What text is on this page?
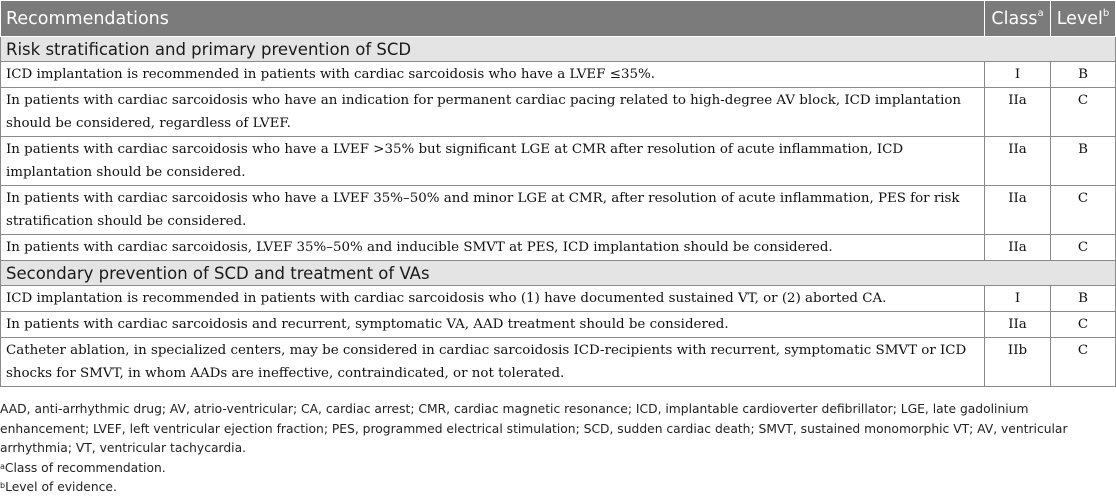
Recommendations	Class$^a$	Level$^b$
Risk stratification and primary prevention of SCD		
ICD implantation is recommended in patients with cardiac sarcoidosis who have a LVEF ≤35%.	I	B
In patients with cardiac sarcoidosis who have an indication for permanent cardiac pacing related to high-degree AV block, ICD implantation should be considered, regardless of LVEF.	IIa	C
In patients with cardiac sarcoidosis who have a LVEF >35% but significant LGE at CMR after resolution of acute inflammation, ICD implantation should be considered.	IIa	B
In patients with cardiac sarcoidosis who have a LVEF 35%–50% and minor LGE at CMR, after resolution of acute inflammation, PES for risk stratification should be considered.	IIa	C
In patients with cardiac sarcoidosis, LVEF 35%–50% and inducible SMVT at PES, ICD implantation should be considered.	IIa	C
Secondary prevention of SCD and treatment of VAs		
ICD implantation is recommended in patients with cardiac sarcoidosis who (1) have documented sustained VT, or (2) aborted CA.	I	B
In patients with cardiac sarcoidosis and recurrent, symptomatic VA, AAD treatment should be considered.	IIa	C
Catheter ablation, in specialized centers, may be considered in cardiac sarcoidosis ICD-recipients with recurrent, symptomatic SMVT or ICD shocks for SMVT, in whom AADs are ineffective, contraindicated, or not tolerated.	IIb	C

AAD, anti-arrhythmic drug; AV, atrio-ventricular; CA, cardiac arrest; CMR, cardiac magnetic resonance; ICD, implantable cardioverter defibrillator; LGE, late gadolinium enhancement; LVEF, left ventricular ejection fraction; PES, programmed electrical stimulation; SCD, sudden cardiac death; SMVT, sustained monomorphic VT; AV, ventricular arrhythmia; VT, ventricular tachycardia.

$^a$Class of recommendation.

$^b$Level of evidence.
